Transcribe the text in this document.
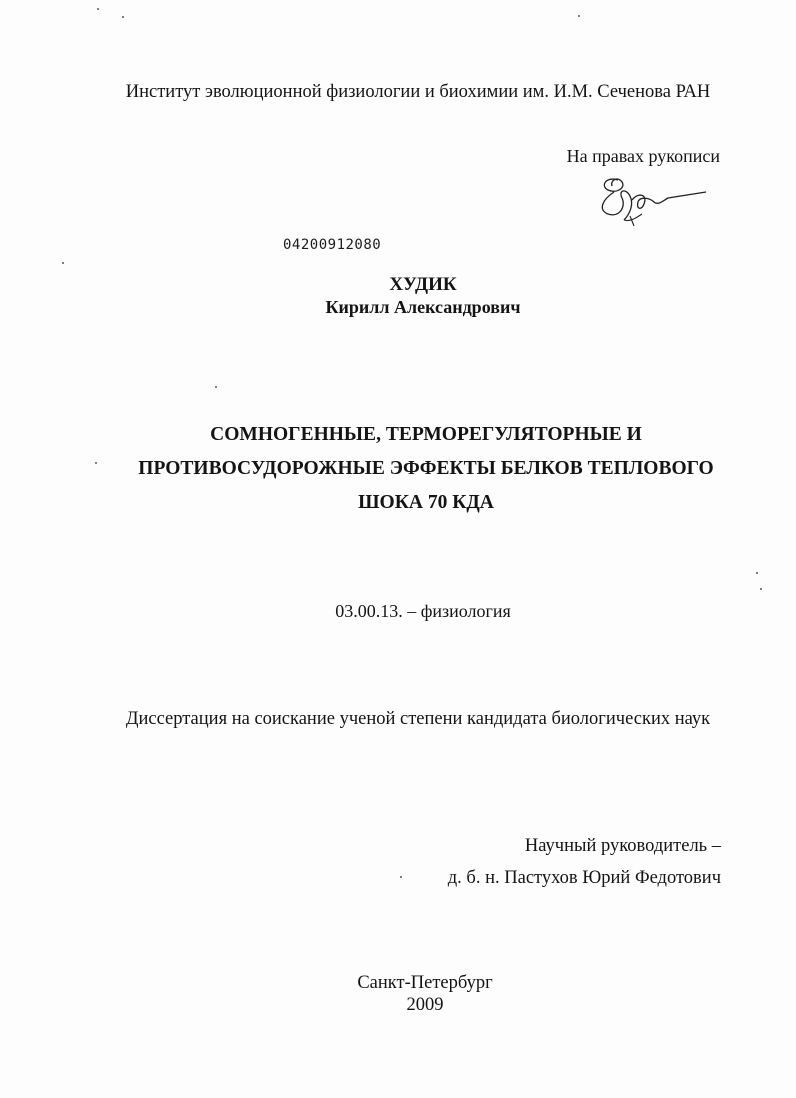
Институт эволюционной физиологии и биохимии им. И.М. Сеченова РАН
На правах рукописи
04200912080
ХУДИК
Кирилл Александрович
СОМНОГЕННЫЕ, ТЕРМОРЕГУЛЯТОРНЫЕ И
ПРОТИВОСУДОРОЖНЫЕ ЭФФЕКТЫ БЕЛКОВ ТЕПЛОВОГО
ШОКА 70 КДА
03.00.13. – физиология
Диссертация на соискание ученой степени кандидата биологических наук
Научный руководитель –
д. б. н. Пастухов Юрий Федотович
Санкт-Петербург
2009
